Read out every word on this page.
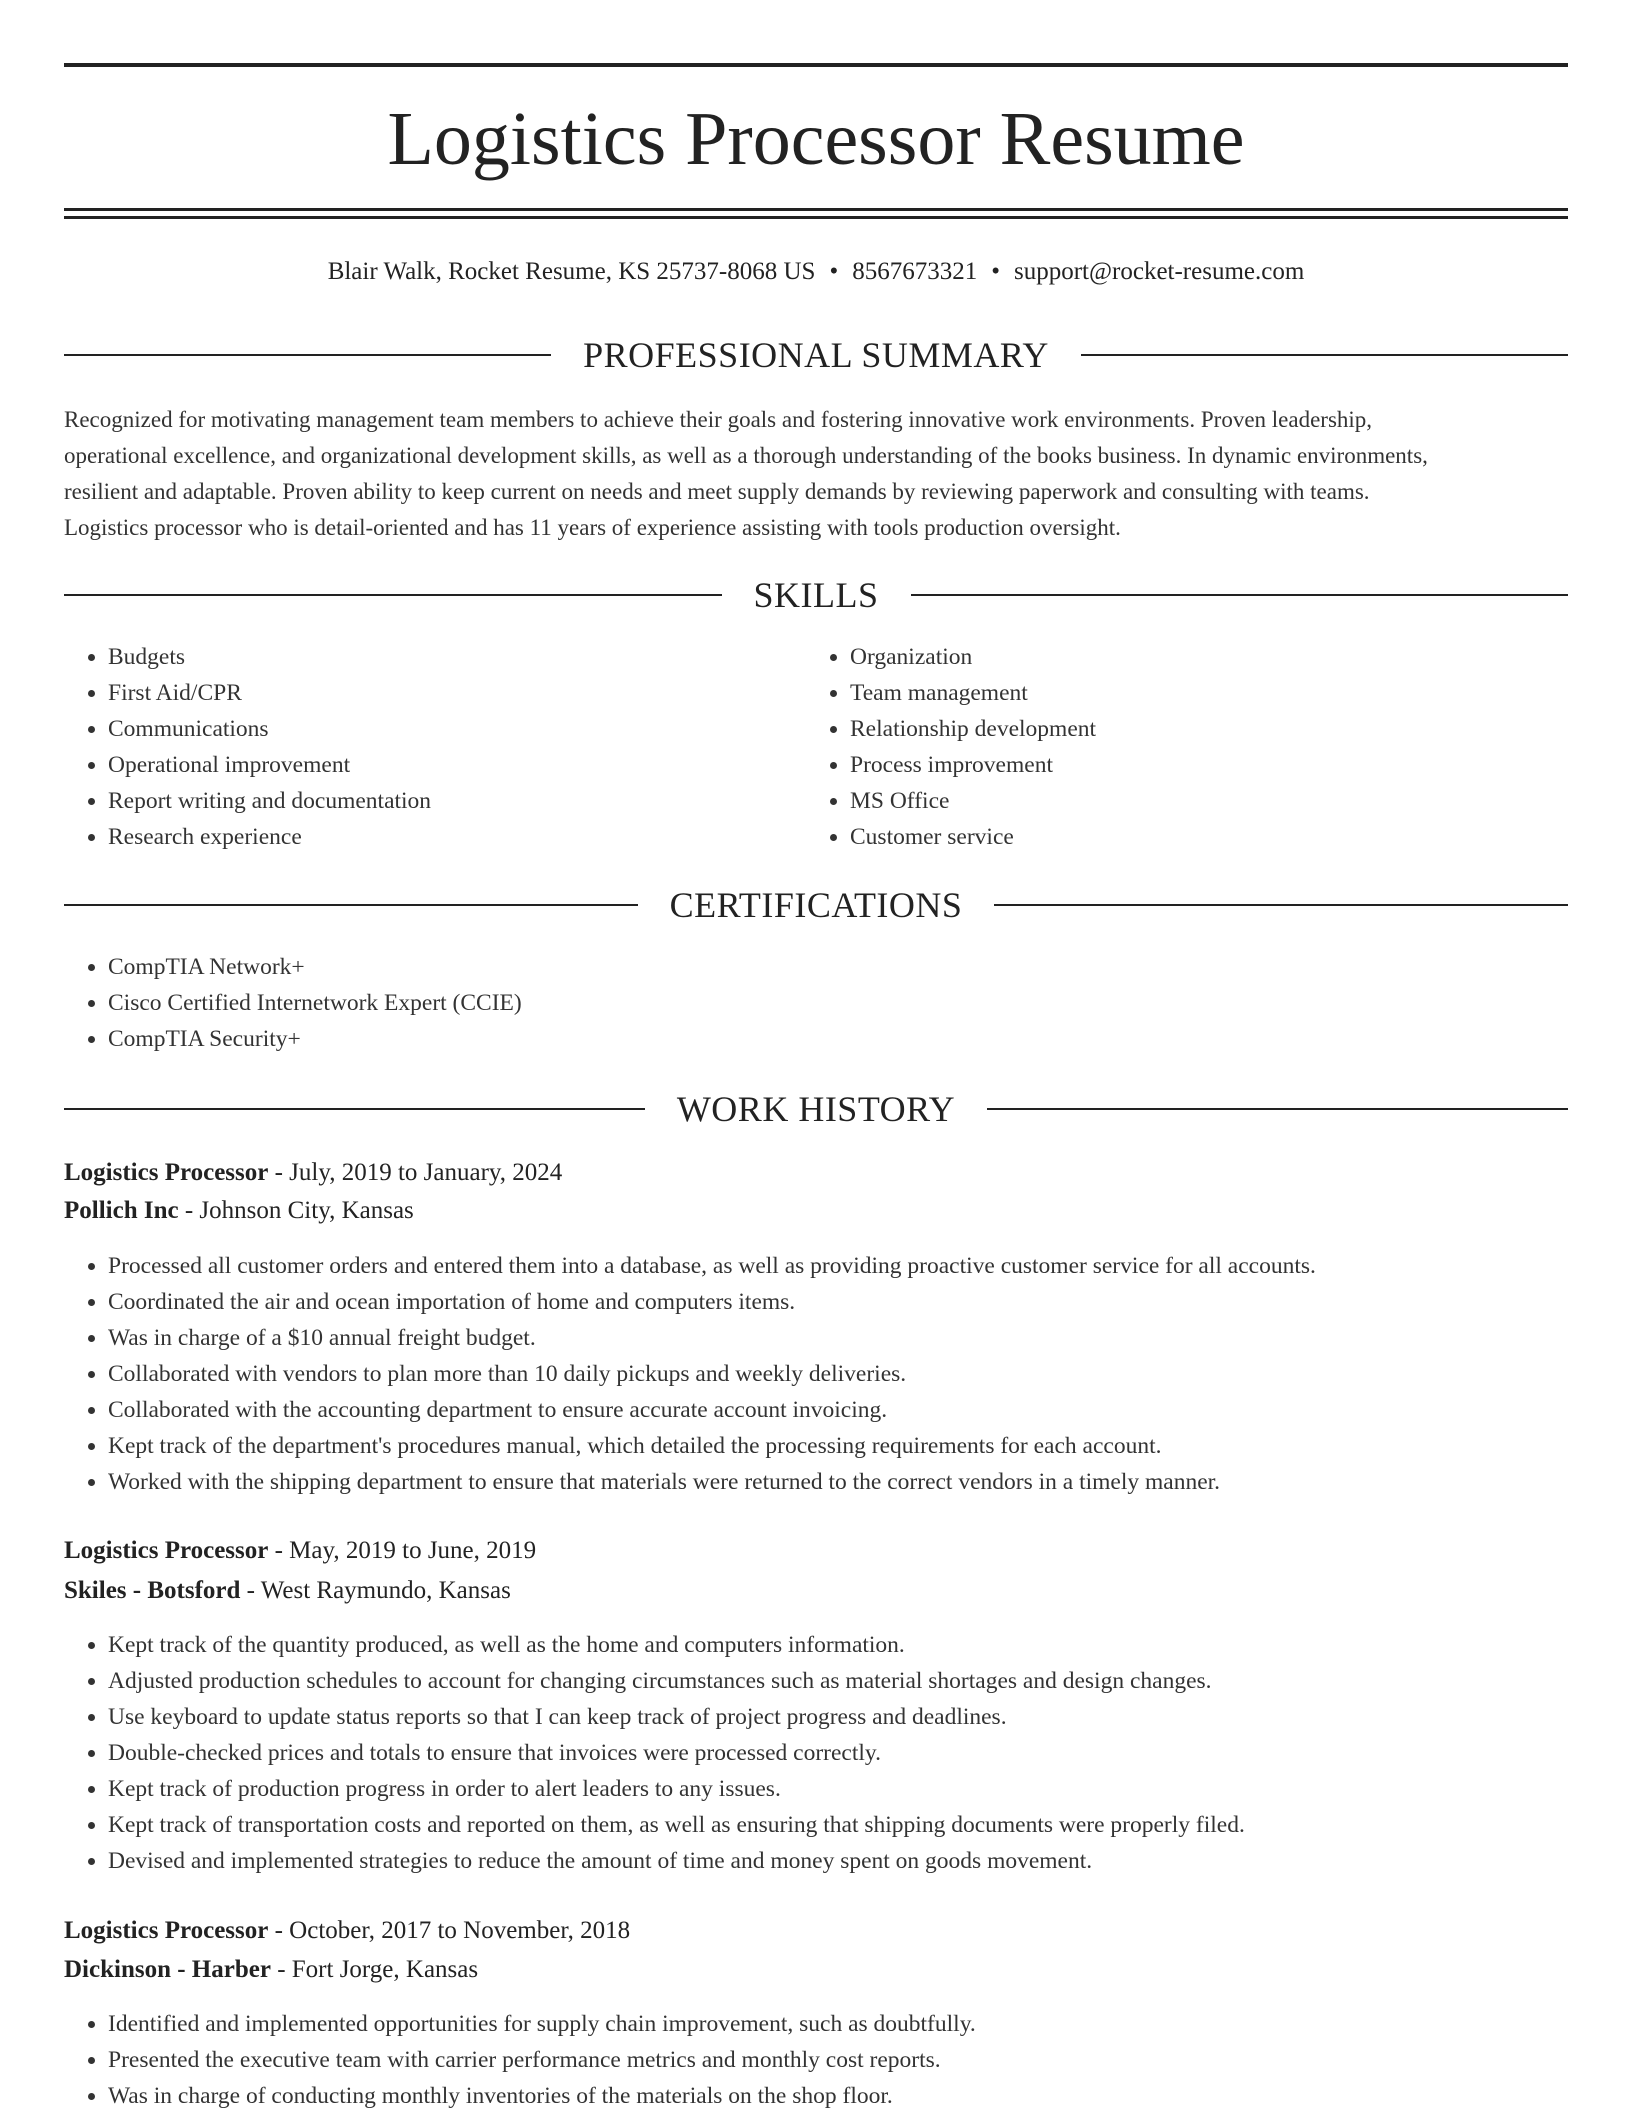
Logistics Processor Resume
Blair Walk, Rocket Resume, KS 25737-8068 US • 8567673321 • support@rocket-resume.com
PROFESSIONAL SUMMARY

Recognized for motivating management team members to achieve their goals and fostering innovative work environments. Proven leadership,
operational excellence, and organizational development skills, as well as a thorough understanding of the books business. In dynamic environments,
resilient and adaptable. Proven ability to keep current on needs and meet supply demands by reviewing paperwork and consulting with teams.
Logistics processor who is detail-oriented and has 11 years of experience assisting with tools production oversight.

SKILLS
• Budgets
• First Aid/CPR
• Communications
• Operational improvement
• Report writing and documentation
• Research experience
• Organization
• Team management
• Relationship development
• Process improvement
• MS Office
• Customer service
CERTIFICATIONS
• CompTIA Network+
• Cisco Certified Internetwork Expert (CCIE)
• CompTIA Security+
WORK HISTORY
Logistics Processor - July, 2019 to January, 2024
Pollich Inc - Johnson City, Kansas
• Processed all customer orders and entered them into a database, as well as providing proactive customer service for all accounts.
• Coordinated the air and ocean importation of home and computers items.
• Was in charge of a $10 annual freight budget.
• Collaborated with vendors to plan more than 10 daily pickups and weekly deliveries.
• Collaborated with the accounting department to ensure accurate account invoicing.
• Kept track of the department's procedures manual, which detailed the processing requirements for each account.
• Worked with the shipping department to ensure that materials were returned to the correct vendors in a timely manner.
Logistics Processor - May, 2019 to June, 2019
Skiles - Botsford - West Raymundo, Kansas
• Kept track of the quantity produced, as well as the home and computers information.
• Adjusted production schedules to account for changing circumstances such as material shortages and design changes.
• Use keyboard to update status reports so that I can keep track of project progress and deadlines.
• Double-checked prices and totals to ensure that invoices were processed correctly.
• Kept track of production progress in order to alert leaders to any issues.
• Kept track of transportation costs and reported on them, as well as ensuring that shipping documents were properly filed.
• Devised and implemented strategies to reduce the amount of time and money spent on goods movement.
Logistics Processor - October, 2017 to November, 2018
Dickinson - Harber - Fort Jorge, Kansas
• Identified and implemented opportunities for supply chain improvement, such as doubtfully.
• Presented the executive team with carrier performance metrics and monthly cost reports.
• Was in charge of conducting monthly inventories of the materials on the shop floor.
